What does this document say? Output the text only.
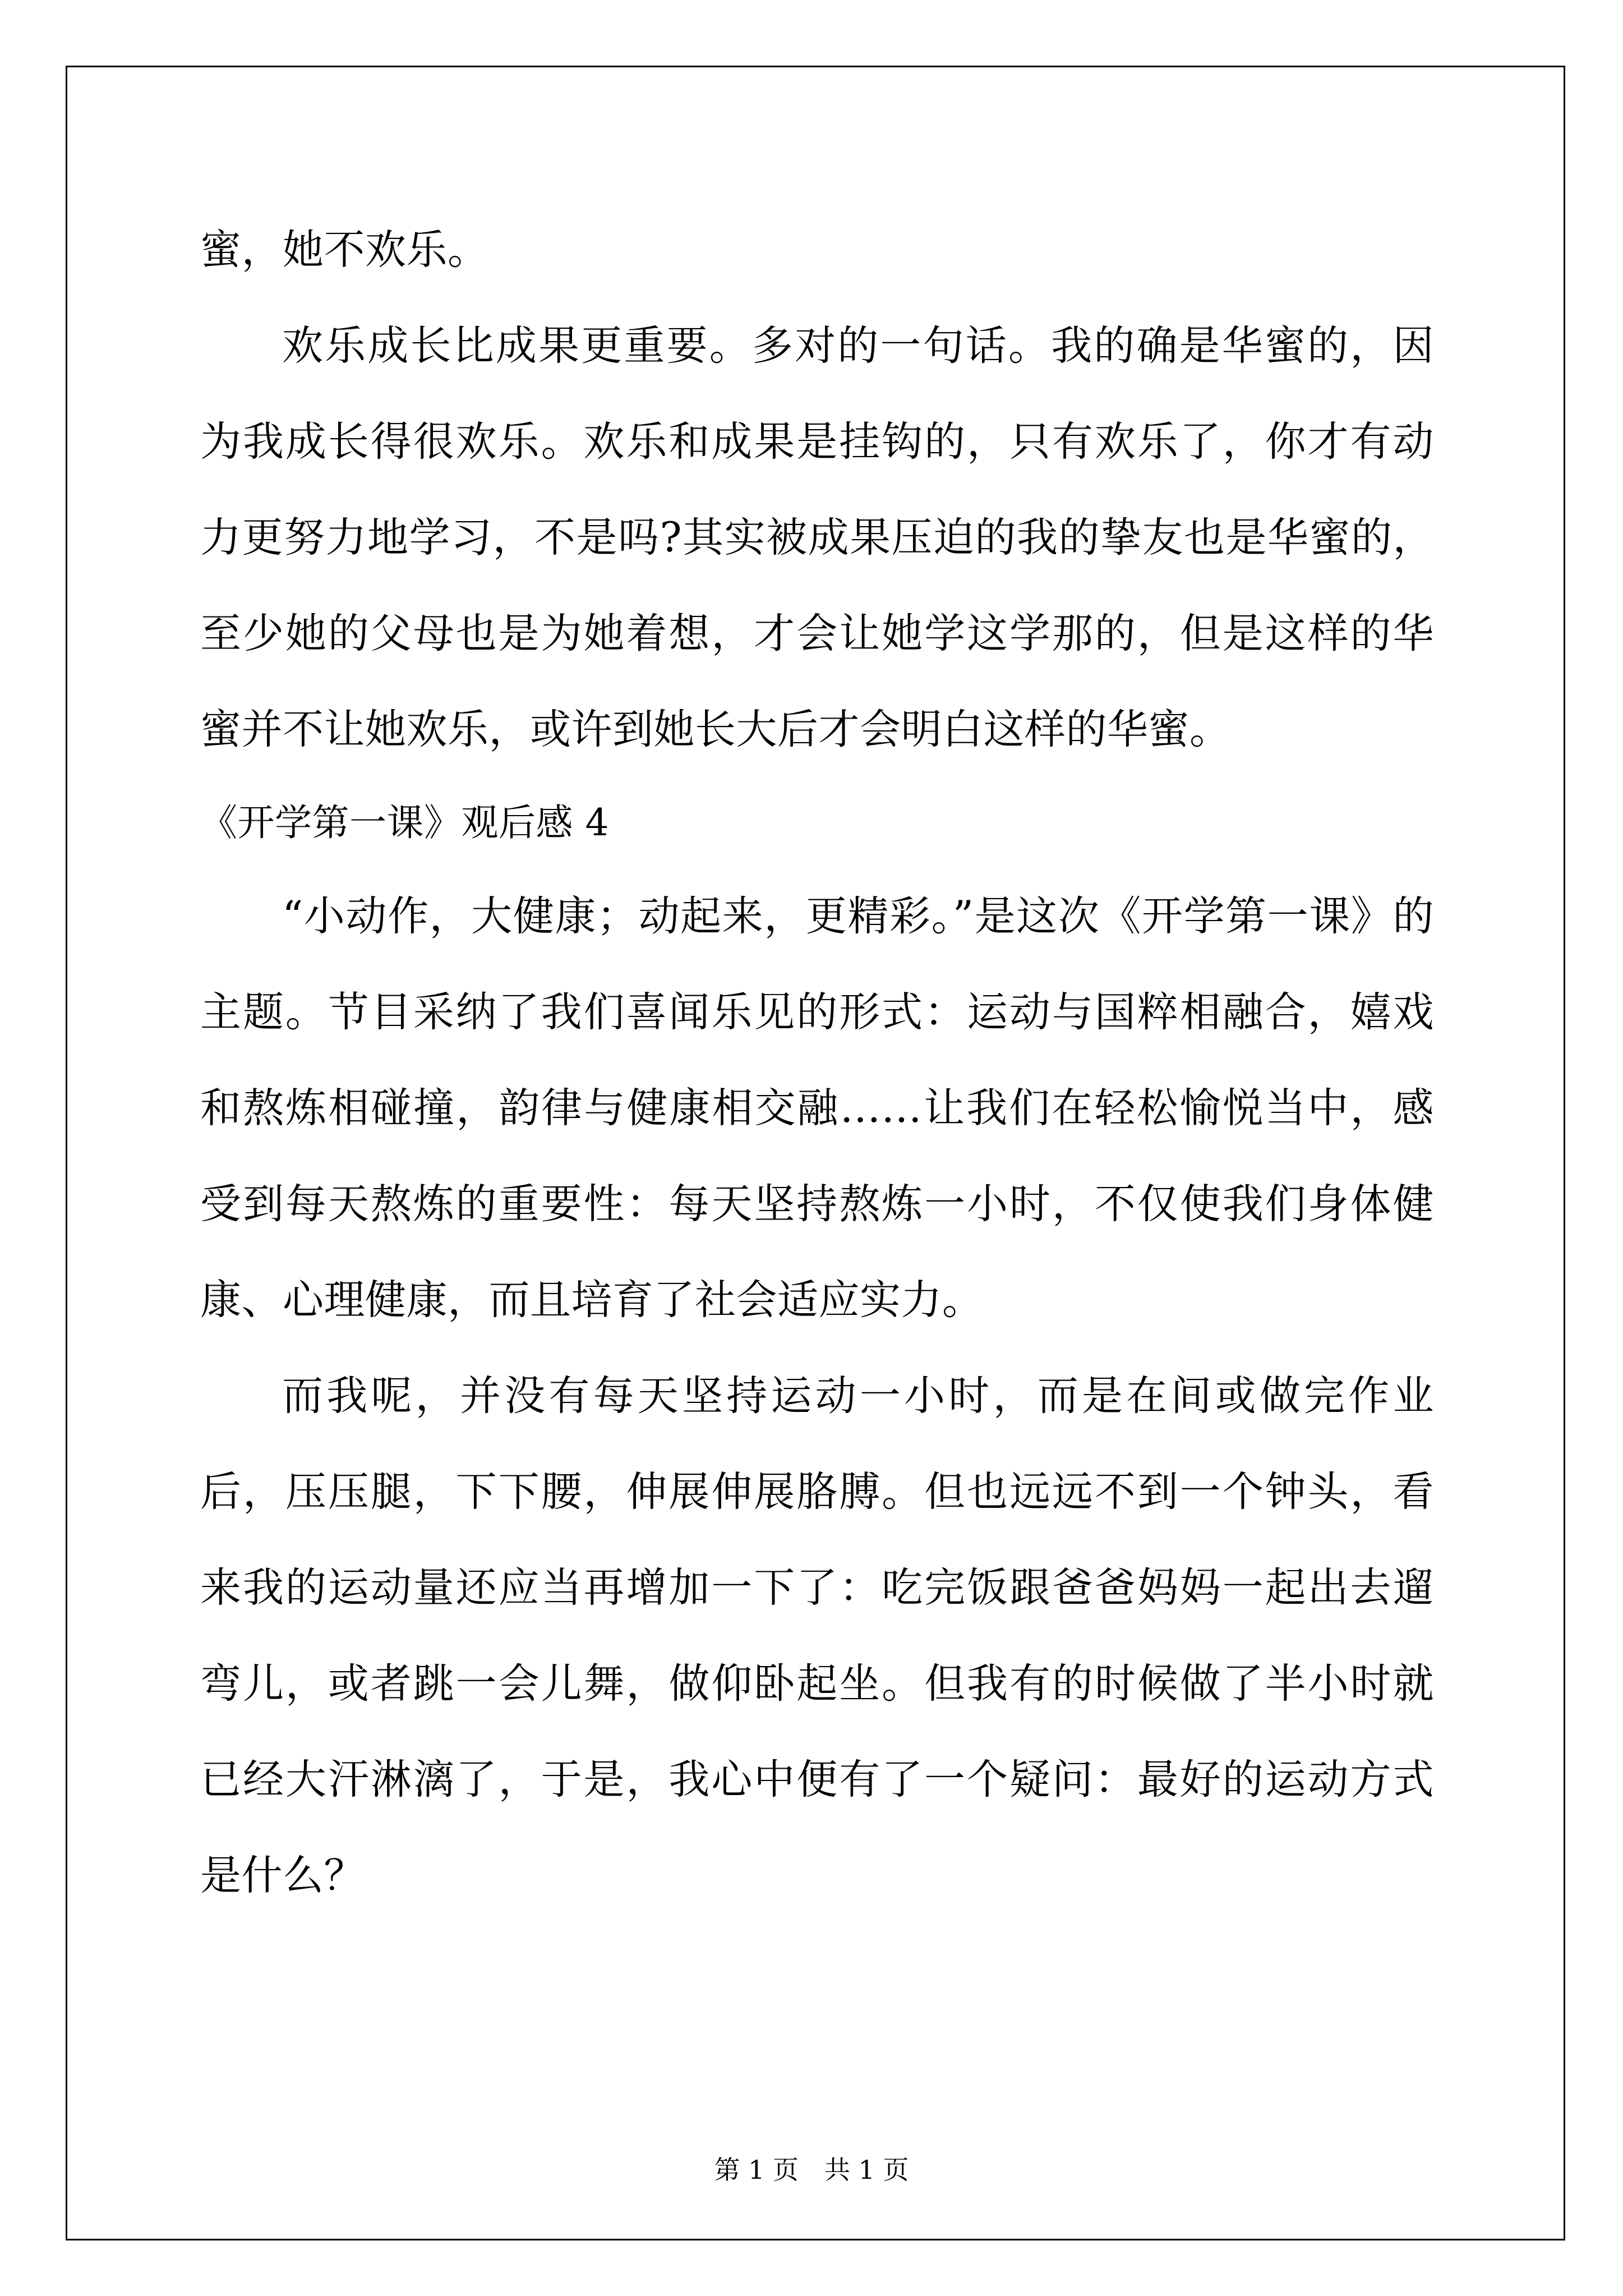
蜜，她不欢乐。

欢乐成长比成果更重要。多对的一句话。我的确是华蜜的，因为我成长得很欢乐。欢乐和成果是挂钩的，只有欢乐了，你才有动力更努力地学习，不是吗?其实被成果压迫的我的挚友也是华蜜的，至少她的父母也是为她着想，才会让她学这学那的，但是这样的华蜜并不让她欢乐，或许到她长大后才会明白这样的华蜜。

《开学第一课》观后感 4

“小动作，大健康；动起来，更精彩。”是这次《开学第一课》的主题。节目采纳了我们喜闻乐见的形式：运动与国粹相融合，嬉戏和熬炼相碰撞，韵律与健康相交融……让我们在轻松愉悦当中，感受到每天熬炼的重要性：每天坚持熬炼一小时，不仅使我们身体健康、心理健康，而且培育了社会适应实力。

而我呢，并没有每天坚持运动一小时，而是在间或做完作业后，压压腿，下下腰，伸展伸展胳膊。但也远远不到一个钟头，看来我的运动量还应当再增加一下了：吃完饭跟爸爸妈妈一起出去遛弯儿，或者跳一会儿舞，做仰卧起坐。但我有的时候做了半小时就已经大汗淋漓了，于是，我心中便有了一个疑问：最好的运动方式是什么？

第 1 页 共 1 页
